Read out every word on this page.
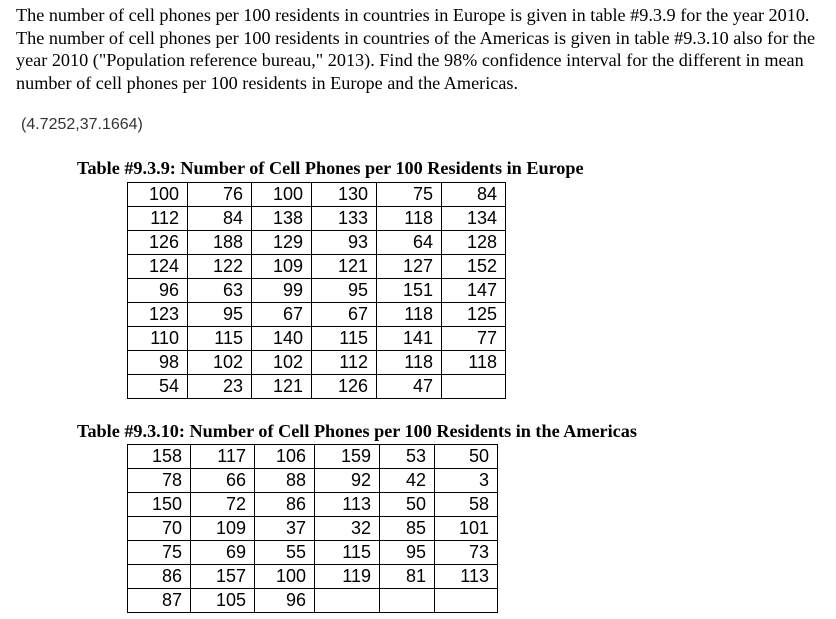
The number of cell phones per 100 residents in countries in Europe is given in table #9.3.9 for the year 2010. The number of cell phones per 100 residents in countries of the Americas is given in table #9.3.10 also for the year 2010 ("Population reference bureau," 2013). Find the 98% confidence interval for the different in mean number of cell phones per 100 residents in Europe and the Americas.

(4.7252,37.1664)

Table #9.3.9: Number of Cell Phones per 100 Residents in Europe

100	76	100	130	75	84
112	84	138	133	118	134
126	188	129	93	64	128
124	122	109	121	127	152
96	63	99	95	151	147
123	95	67	67	118	125
110	115	140	115	141	77
98	102	102	112	118	118
54	23	121	126	47	

Table #9.3.10: Number of Cell Phones per 100 Residents in the Americas

158	117	106	159	53	50
78	66	88	92	42	3
150	72	86	113	50	58
70	109	37	32	85	101
75	69	55	115	95	73
86	157	100	119	81	113
87	105	96			
